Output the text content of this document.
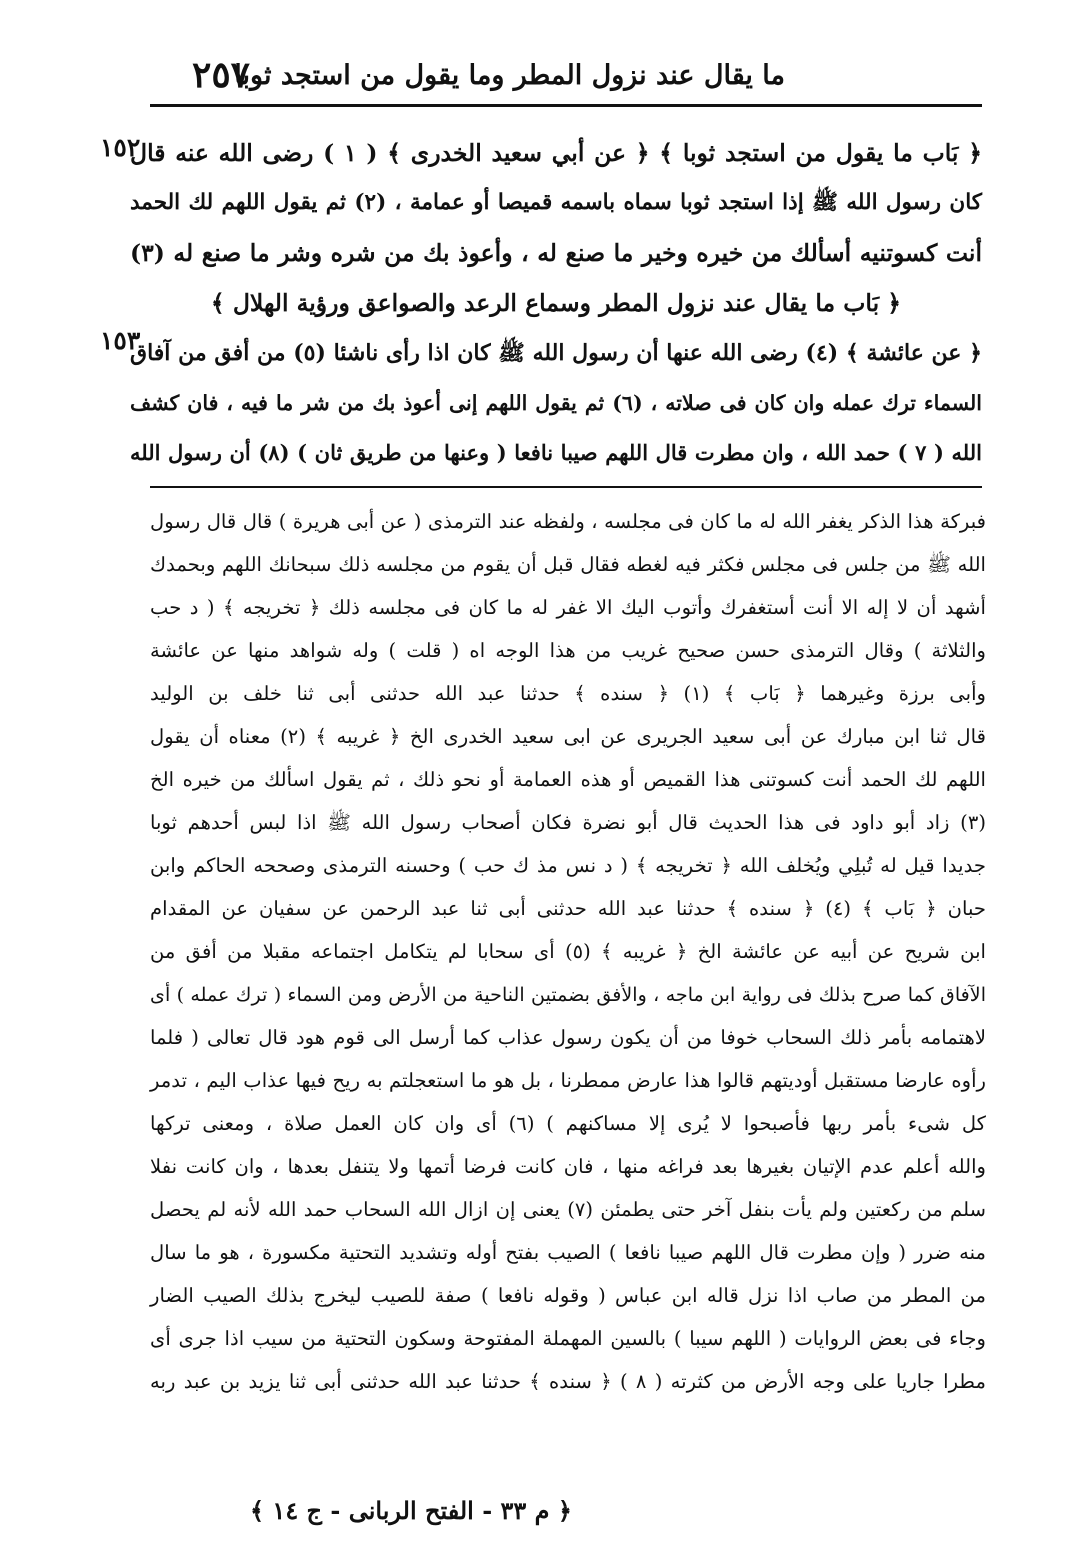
ما يقال عند نزول المطر وما يقول من استجد ثوبا
٢٥٧
١٥٢
١٥٣
﴿ بَاب ما يقول من استجد ثوبا ﴾ ﴿ عن أبي سعيد الخدرى ﴾ ( ١ ) رضى الله عنه قال
كان رسول الله ﷺ إذا استجد ثوبا سماه باسمه قميصا أو عمامة ، (٢) ثم يقول اللهم لك الحمد
أنت كسوتنيه أسألك من خيره وخير ما صنع له ، وأعوذ بك من شره وشر ما صنع له (٣)
﴿ بَاب ما يقال عند نزول المطر وسماع الرعد والصواعق ورؤية الهلال ﴾
﴿ عن عائشة ﴾ (٤) رضى الله عنها أن رسول الله ﷺ كان اذا رأى ناشئا (٥) من أفق من آفاق
السماء ترك عمله وان كان فى صلاته ، (٦) ثم يقول اللهم إنى أعوذ بك من شر ما فيه ، فان كشف
الله ( ٧ ) حمد الله ، وان مطرت قال اللهم صيبا نافعا ( وعنها من طريق ثان ) (٨) أن رسول الله
فبركة هذا الذكر يغفر الله له ما كان فى مجلسه ، ولفظه عند الترمذى ( عن أبى هريرة ) قال قال رسول
الله ﷺ من جلس فى مجلس فكثر فيه لغطه فقال قبل أن يقوم من مجلسه ذلك سبحانك اللهم وبحمدك
أشهد أن لا إله الا أنت أستغفرك وأتوب اليك الا غفر له ما كان فى مجلسه ذلك ﴿ تخريجه ﴾ ( د حب
والثلاثة ) وقال الترمذى حسن صحيح غريب من هذا الوجه اه ( قلت ) وله شواهد منها عن عائشة
وأبى برزة وغيرهما ﴿ بَاب ﴾ (١) ﴿ سنده ﴾ حدثنا عبد الله حدثنى أبى ثنا خلف بن الوليد
قال ثنا ابن مبارك عن أبى سعيد الجريرى عن ابى سعيد الخدرى الخ ﴿ غريبه ﴾ (٢) معناه أن يقول
اللهم لك الحمد أنت كسوتنى هذا القميص أو هذه العمامة أو نحو ذلك ، ثم يقول اسألك من خيره الخ
(٣) زاد أبو داود فى هذا الحديث قال أبو نضرة فكان أصحاب رسول الله ﷺ اذا لبس أحدهم ثوبا
جديدا قيل له تُبلِي ويُخلف الله ﴿ تخريجه ﴾ ( د نس مذ ك حب ) وحسنه الترمذى وصححه الحاكم وابن
حبان ﴿ بَاب ﴾ (٤) ﴿ سنده ﴾ حدثنا عبد الله حدثنى أبى ثنا عبد الرحمن عن سفيان عن المقدام
ابن شريح عن أبيه عن عائشة الخ ﴿ غريبه ﴾ (٥) أى سحابا لم يتكامل اجتماعه مقبلا من أفق من
الآفاق كما صرح بذلك فى رواية ابن ماجه ، والأفق بضمتين الناحية من الأرض ومن السماء ( ترك عمله ) أى
لاهتمامه بأمر ذلك السحاب خوفا من أن يكون رسول عذاب كما أرسل الى قوم هود قال تعالى ( فلما
رأوه عارضا مستقبل أوديتهم قالوا هذا عارض ممطرنا ، بل هو ما استعجلتم به ريح فيها عذاب اليم ، تدمر
كل شىء بأمر ربها فأصبحوا لا يُرى إلا مساكنهم ) (٦) أى وان كان العمل صلاة ، ومعنى تركها
والله أعلم عدم الإتيان بغيرها بعد فراغه منها ، فان كانت فرضا أتمها ولا يتنفل بعدها ، وان كانت نفلا
سلم من ركعتين ولم يأت بنفل آخر حتى يطمئن (٧) يعنى إن ازال الله السحاب حمد الله لأنه لم يحصل
منه ضرر ( وإن مطرت قال اللهم صيبا نافعا ) الصيب بفتح أوله وتشديد التحتية مكسورة ، هو ما سال
من المطر من صاب اذا نزل قاله ابن عباس ( وقوله نافعا ) صفة للصيب ليخرج بذلك الصيب الضار
وجاء فى بعض الروايات ( اللهم سيبا ) بالسين المهملة المفتوحة وسكون التحتية من سيب اذا جرى أى
مطرا جاريا على وجه الأرض من كثرته ( ٨ ) ﴿ سنده ﴾ حدثنا عبد الله حدثنى أبى ثنا يزيد بن عبد ربه
﴿ م ٣٣ - الفتح الربانى - ج ١٤ ﴾
